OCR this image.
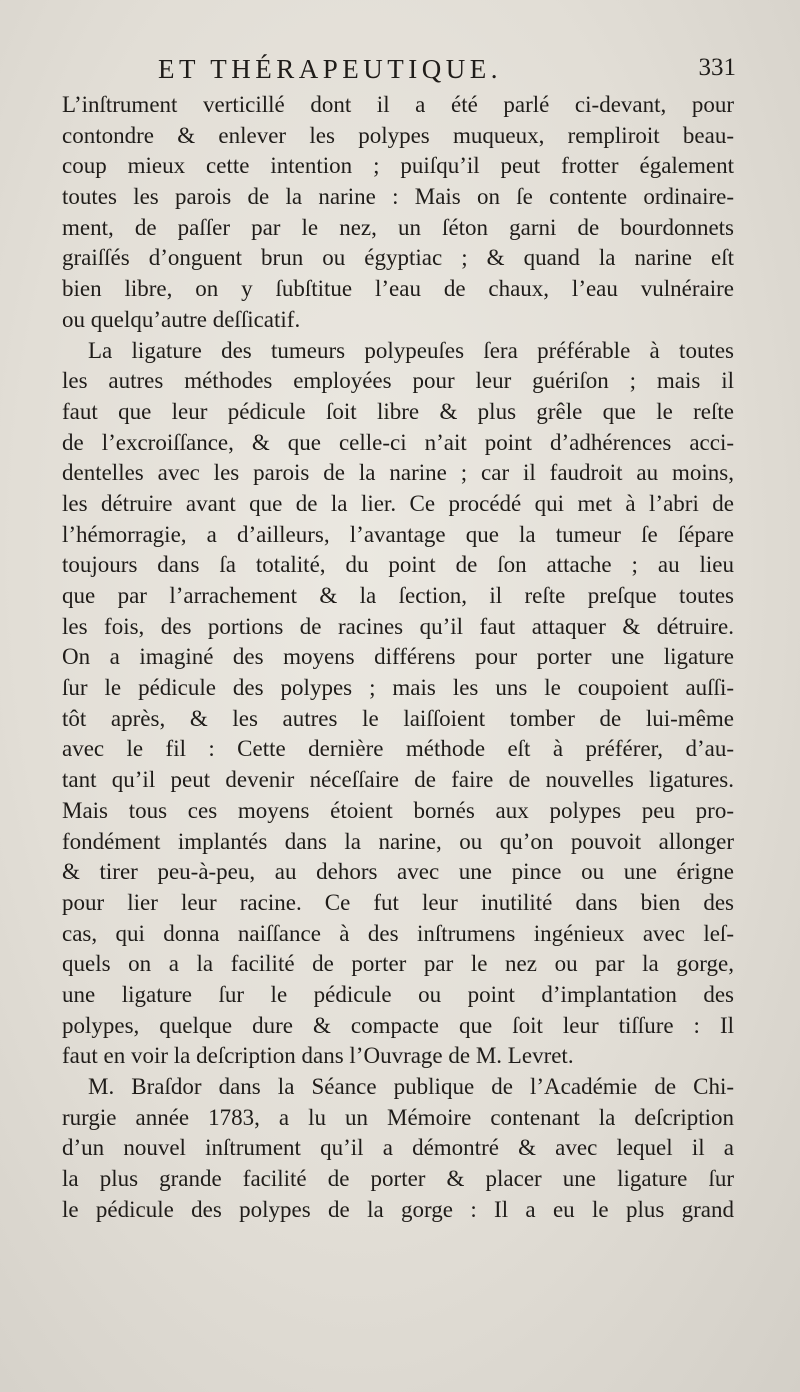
ET THÉRAPEUTIQUE.	331
L’inſtrument verticillé dont il a été parlé ci-devant, pour
contondre & enlever les polypes muqueux, rempliroit beau-
coup mieux cette intention ; puiſqu’il peut frotter également
toutes les parois de la narine : Mais on ſe contente ordinaire-
ment, de paſſer par le nez, un ſéton garni de bourdonnets
graiſſés d’onguent brun ou égyptiac ; & quand la narine eſt
bien libre, on y ſubſtitue l’eau de chaux, l’eau vulnéraire
ou quelqu’autre deſſicatif.
La ligature des tumeurs polypeuſes ſera préférable à toutes
les autres méthodes employées pour leur guériſon ; mais il
faut que leur pédicule ſoit libre & plus grêle que le reſte
de l’excroiſſance, & que celle-ci n’ait point d’adhérences acci-
dentelles avec les parois de la narine ; car il faudroit au moins,
les détruire avant que de la lier. Ce procédé qui met à l’abri de
l’hémorragie, a d’ailleurs, l’avantage que la tumeur ſe ſépare
toujours dans ſa totalité, du point de ſon attache ; au lieu
que par l’arrachement & la ſection, il reſte preſque toutes
les fois, des portions de racines qu’il faut attaquer & détruire.
On a imaginé des moyens différens pour porter une ligature
ſur le pédicule des polypes ; mais les uns le coupoient auſſi-
tôt après, & les autres le laiſſoient tomber de lui-même
avec le fil : Cette dernière méthode eſt à préférer, d’au-
tant qu’il peut devenir néceſſaire de faire de nouvelles ligatures.
Mais tous ces moyens étoient bornés aux polypes peu pro-
fondément implantés dans la narine, ou qu’on pouvoit allonger
& tirer peu-à-peu, au dehors avec une pince ou une érigne
pour lier leur racine. Ce fut leur inutilité dans bien des
cas, qui donna naiſſance à des inſtrumens ingénieux avec leſ-
quels on a la facilité de porter par le nez ou par la gorge,
une ligature ſur le pédicule ou point d’implantation des
polypes, quelque dure & compacte que ſoit leur tiſſure : Il
faut en voir la deſcription dans l’Ouvrage de M. Levret.
M. Braſdor dans la Séance publique de l’Académie de Chi-
rurgie année 1783, a lu un Mémoire contenant la deſcription
d’un nouvel inſtrument qu’il a démontré & avec lequel il a
la plus grande facilité de porter & placer une ligature ſur
le pédicule des polypes de la gorge : Il a eu le plus grand
